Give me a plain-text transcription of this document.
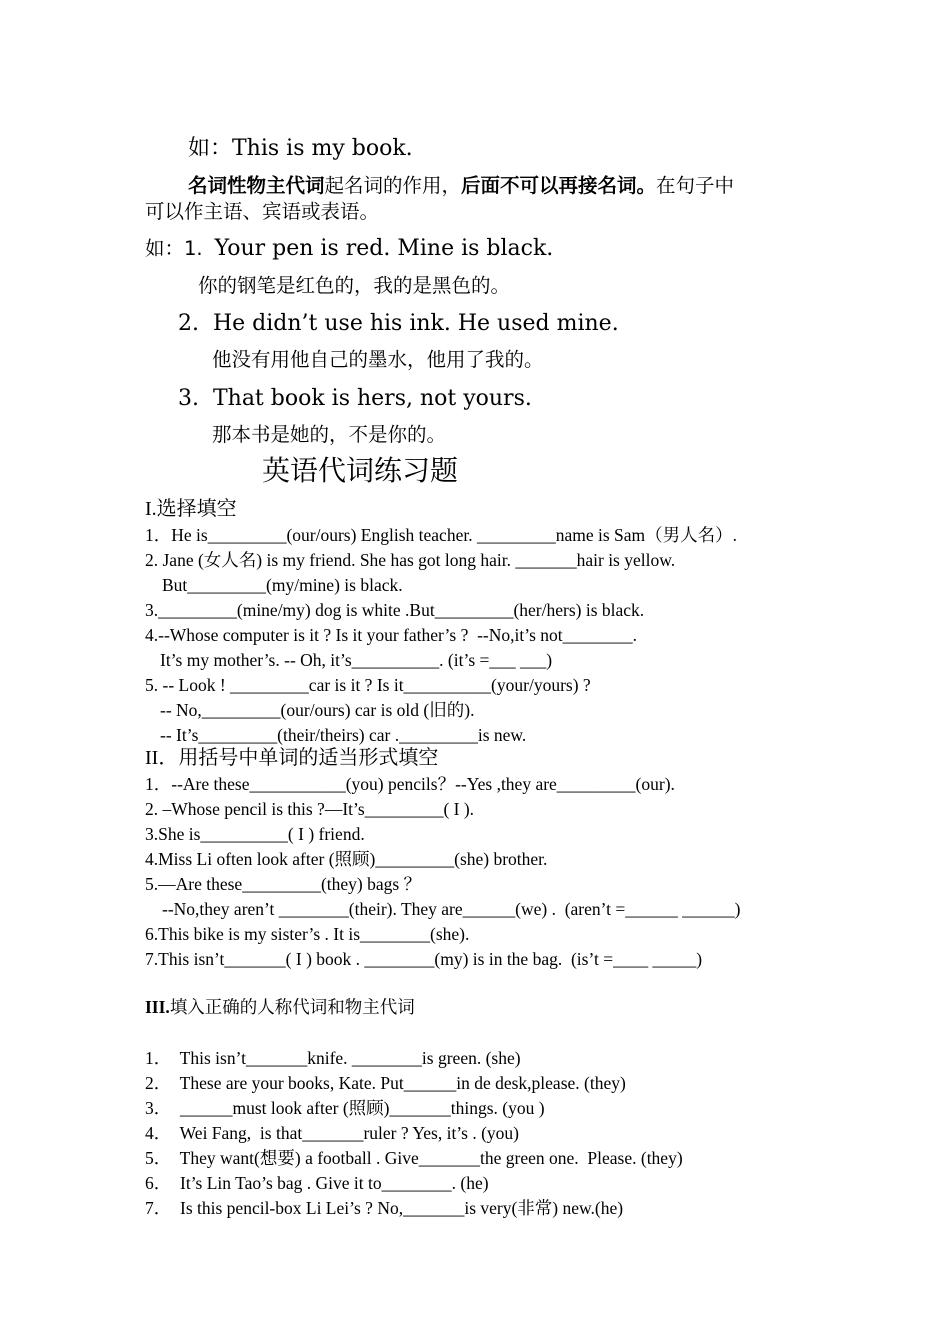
如：This is my book.
名词性物主代词起名词的作用，后面不可以再接名词。在句子中
可以作主语、宾语或表语。
如：1. Your pen is red. Mine is black.
你的钢笔是红色的，我的是黑色的。
2.  He didn’t use his ink. He used mine.
他没有用他自己的墨水，他用了我的。
3.  That book is hers, not yours.
那本书是她的，不是你的。
英语代词练习题
I.选择填空
1．He is_________(our/ours) English teacher. _________name is Sam（男人名）.
2. Jane (女人名) is my friend. She has got long hair. _______hair is yellow.
But_________(my/mine) is black.
3._________(mine/my) dog is white .But_________(her/hers) is black.
4.--Whose computer is it ? Is it your father’s ?  --No,it’s not________.
It’s my mother’s. -- Oh, it’s__________. (it’s =___ ___)
5. -- Look ! _________car is it ? Is it__________(your/yours) ?
-- No,_________(our/ours) car is old (旧的).
-- It’s_________(their/theirs) car ._________is new.
II．用括号中单词的适当形式填空
1．--Are these___________(you) pencils？--Yes ,they are_________(our).
2. –Whose pencil is this ?—It’s_________( I ).
3.She is__________( I ) friend.
4.Miss Li often look after (照顾)_________(she) brother.
5.—Are these_________(they) bags ？
--No,they aren’t ________(their). They are______(we) .  (aren’t =______ ______)
6.This bike is my sister’s . It is________(she).
7.This isn’t_______( I ) book . ________(my) is in the bag.  (is’t =____ _____)
III.填入正确的人称代词和物主代词
1．  This isn’t_______knife. ________is green. (she)
2．  These are your books, Kate. Put______in de desk,please. (they)
3．  ______must look after (照顾)_______things. (you )
4．  Wei Fang,  is that_______ruler ? Yes, it’s . (you)
5．  They want(想要) a football . Give_______the green one.  Please. (they)
6．  It’s Lin Tao’s bag . Give it to________. (he)
7．  Is this pencil-box Li Lei’s ? No,_______is very(非常) new.(he)
